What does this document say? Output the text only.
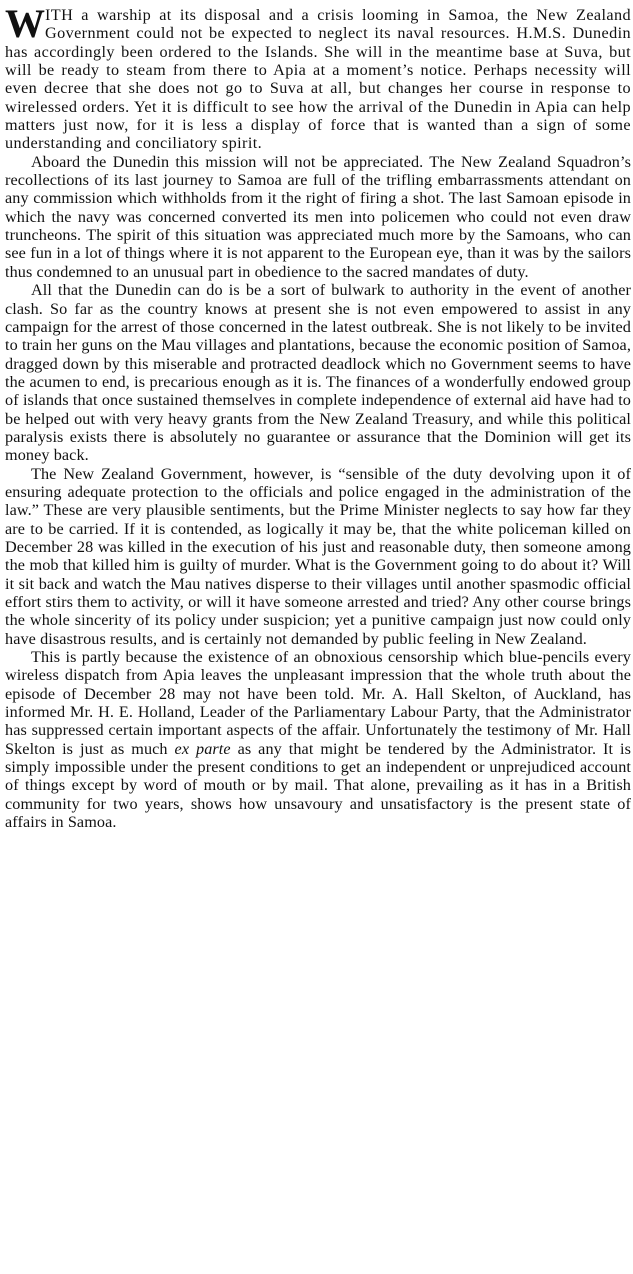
WITH a warship at its disposal and a crisis looming in Samoa, the New Zealand Government could not be expected to neglect its naval resources. H.M.S. Dunedin has accordingly been ordered to the Islands. She will in the meantime base at Suva, but will be ready to steam from there to Apia at a moment’s notice. Perhaps necessity will even decree that she does not go to Suva at all, but changes her course in response to wirelessed orders. Yet it is difficult to see how the arrival of the Dunedin in Apia can help matters just now, for it is less a display of force that is wanted than a sign of some understanding and conciliatory spirit.

Aboard the Dunedin this mission will not be appreciated. The New Zealand Squadron’s recollections of its last journey to Samoa are full of the trifling embarrassments attendant on any commission which withholds from it the right of firing a shot. The last Samoan episode in which the navy was concerned converted its men into policemen who could not even draw truncheons. The spirit of this situation was appreciated much more by the Samoans, who can see fun in a lot of things where it is not apparent to the European eye, than it was by the sailors thus condemned to an unusual part in obedience to the sacred mandates of duty.

All that the Dunedin can do is be a sort of bulwark to authority in the event of another clash. So far as the country knows at present she is not even empowered to assist in any campaign for the arrest of those concerned in the latest outbreak. She is not likely to be invited to train her guns on the Mau villages and plantations, because the economic position of Samoa, dragged down by this miserable and protracted deadlock which no Government seems to have the acumen to end, is precarious enough as it is. The finances of a wonderfully endowed group of islands that once sustained themselves in complete independence of external aid have had to be helped out with very heavy grants from the New Zealand Treasury, and while this political paralysis exists there is absolutely no guarantee or assurance that the Dominion will get its money back.

The New Zealand Government, however, is “sensible of the duty devolving upon it of ensuring adequate protection to the officials and police engaged in the administration of the law.” These are very plausible sentiments, but the Prime Minister neglects to say how far they are to be carried. If it is contended, as logically it may be, that the white policeman killed on December 28 was killed in the execution of his just and reasonable duty, then someone among the mob that killed him is guilty of murder. What is the Government going to do about it? Will it sit back and watch the Mau natives disperse to their villages until another spasmodic official effort stirs them to activity, or will it have someone arrested and tried? Any other course brings the whole sincerity of its policy under suspicion; yet a punitive campaign just now could only have disastrous results, and is certainly not demanded by public feeling in New Zealand.

This is partly because the existence of an obnoxious censorship which blue-pencils every wireless dispatch from Apia leaves the unpleasant impression that the whole truth about the episode of December 28 may not have been told. Mr. A. Hall Skelton, of Auckland, has informed Mr. H. E. Holland, Leader of the Parliamentary Labour Party, that the Administrator has suppressed certain important aspects of the affair. Unfortunately the testimony of Mr. Hall Skelton is just as much ex parte as any that might be tendered by the Administrator. It is simply impossible under the present conditions to get an independent or unprejudiced account of things except by word of mouth or by mail. That alone, prevailing as it has in a British community for two years, shows how unsavoury and unsatisfactory is the present state of affairs in Samoa.
